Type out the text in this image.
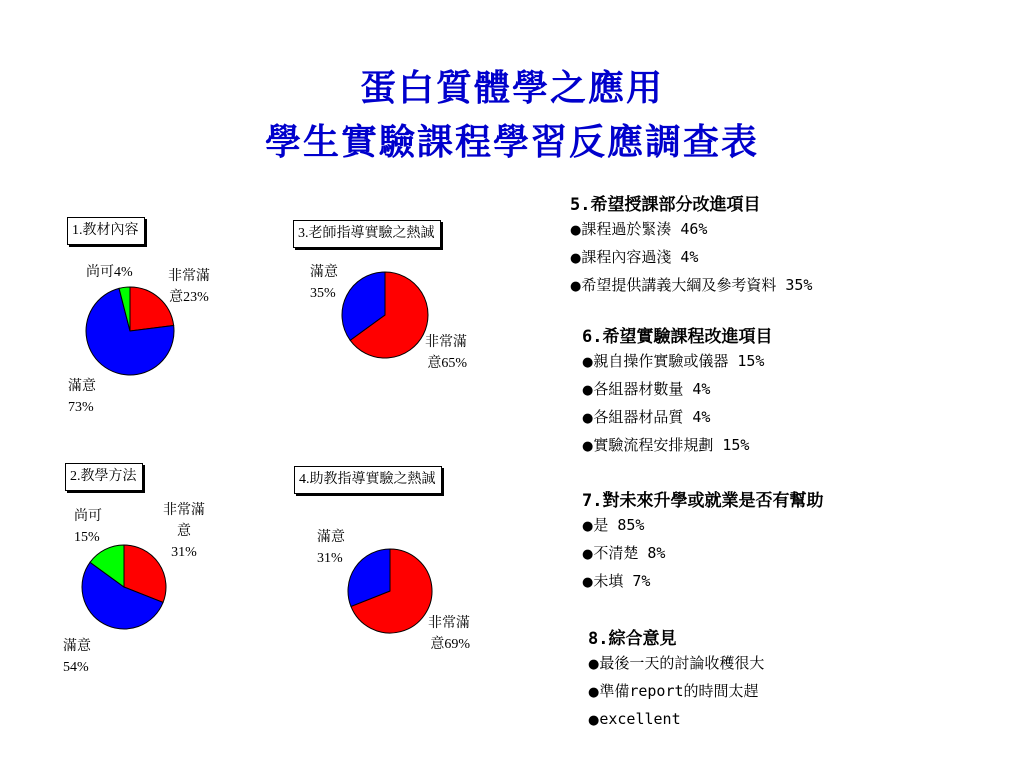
蛋白質體學之應用
學生實驗課程學習反應調查表
1.教材內容
尚可4%	非常滿
意23%
滿意
73%
3.老師指導實驗之熱誠
滿意
35%
非常滿
意65%
2.教學方法
尚可
15%
非常滿
意
31%
滿意
54%
4.助教指導實驗之熱誠
滿意
31%
非常滿
意69%

5.希望授課部分改進項目

●課程過於緊湊 46%

●課程內容過淺 4%

●希望提供講義大綱及參考資料 35%

6.希望實驗課程改進項目

●親自操作實驗或儀器 15%

●各組器材數量 4%

●各組器材品質 4%

●實驗流程安排規劃 15%

7.對未來升學或就業是否有幫助

●是 85%

●不清楚 8%

●未填 7%

8.綜合意見

●最後一天的討論收穫很大

●準備report的時間太趕

●excellent
